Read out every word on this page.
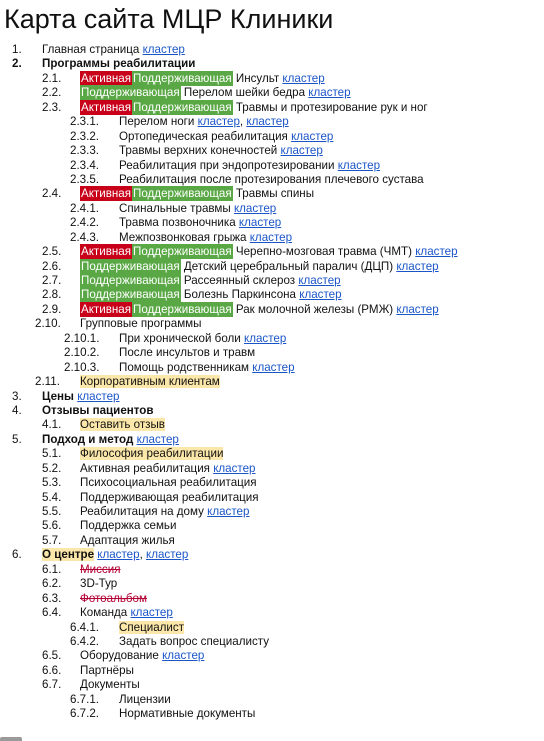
Карта сайта МЦР Клиники
1. Главная страница кластер
2. Программы реабилитации
2.1. Активная Поддерживающая Инсульт кластер
2.2. Поддерживающая Перелом шейки бедра кластер
2.3. Активная Поддерживающая Травмы и протезирование рук и ног
2.3.1. Перелом ноги кластер, кластер
2.3.2. Ортопедическая реабилитация кластер
2.3.3. Травмы верхних конечностей кластер
2.3.4. Реабилитация при эндопротезировании кластер
2.3.5. Реабилитация после протезирования плечевого сустава
2.4. Активная Поддерживающая Травмы спины
2.4.1. Спинальные травмы кластер
2.4.2. Травма позвоночника кластер
2.4.3. Межпозвонковая грыжа кластер
2.5. Активная Поддерживающая Черепно-мозговая травма (ЧМТ) кластер
2.6. Поддерживающая Детский церебральный паралич (ДЦП) кластер
2.7. Поддерживающая Рассеянный склероз кластер
2.8. Поддерживающая Болезнь Паркинсона кластер
2.9. Активная Поддерживающая Рак молочной железы (РМЖ) кластер
2.10. Групповые программы
2.10.1. При хронической боли кластер
2.10.2. После инсультов и травм
2.10.3. Помощь родственникам кластер
2.11. Корпоративным клиентам
3. Цены кластер
4. Отзывы пациентов
4.1. Оставить отзыв
5. Подход и метод кластер
5.1. Философия реабилитации
5.2. Активная реабилитация кластер
5.3. Психосоциальная реабилитация
5.4. Поддерживающая реабилитация
5.5. Реабилитация на дому кластер
5.6. Поддержка семьи
5.7. Адаптация жилья
6. О центре кластер, кластер
6.1. Миссия
6.2. 3D-Тур
6.3. Фотоальбом
6.4. Команда кластер
6.4.1. Специалист
6.4.2. Задать вопрос специалисту
6.5. Оборудование кластер
6.6. Партнёры
6.7. Документы
6.7.1. Лицензии
6.7.2. Нормативные документы
